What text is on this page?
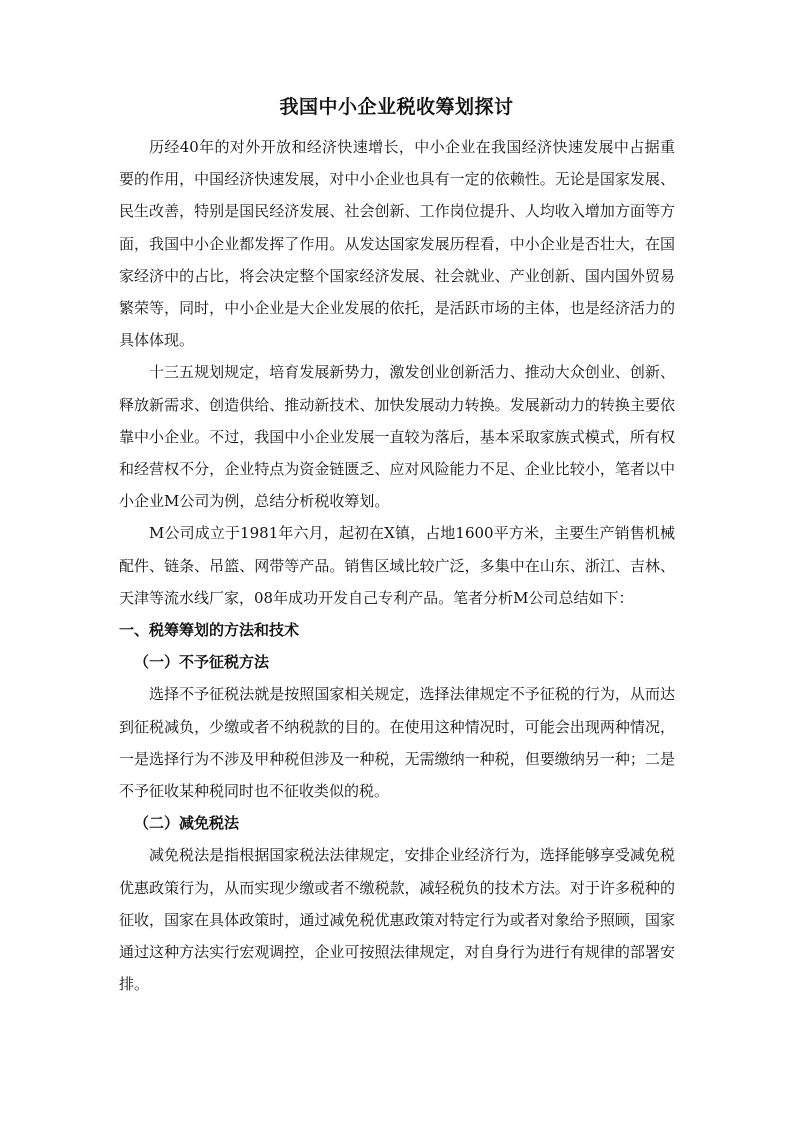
我国中小企业税收筹划探讨

历经40年的对外开放和经济快速增长，中小企业在我国经济快速发展中占据重要的作用，中国经济快速发展，对中小企业也具有一定的依赖性。无论是国家发展、民生改善，特别是国民经济发展、社会创新、工作岗位提升、人均收入增加方面等方面，我国中小企业都发挥了作用。从发达国家发展历程看，中小企业是否壮大，在国家经济中的占比，将会决定整个国家经济发展、社会就业、产业创新、国内国外贸易繁荣等，同时，中小企业是大企业发展的依托，是活跃市场的主体，也是经济活力的具体体现。

十三五规划规定，培育发展新势力，激发创业创新活力、推动大众创业、创新、释放新需求、创造供给、推动新技术、加快发展动力转换。发展新动力的转换主要依靠中小企业。不过，我国中小企业发展一直较为落后，基本采取家族式模式，所有权和经营权不分，企业特点为资金链匮乏、应对风险能力不足、企业比较小，笔者以中小企业M公司为例，总结分析税收筹划。

M公司成立于1981年六月，起初在X镇，占地1600平方米，主要生产销售机械配件、链条、吊篮、网带等产品。销售区域比较广泛，多集中在山东、浙江、吉林、天津等流水线厂家，08年成功开发自己专利产品。笔者分析M公司总结如下：

一、税筹筹划的方法和技术

（一）不予征税方法

选择不予征税法就是按照国家相关规定，选择法律规定不予征税的行为，从而达到征税减负，少缴或者不纳税款的目的。在使用这种情况时，可能会出现两种情况，一是选择行为不涉及甲种税但涉及一种税，无需缴纳一种税，但要缴纳另一种；二是不予征收某种税同时也不征收类似的税。

（二）减免税法

减免税法是指根据国家税法法律规定，安排企业经济行为，选择能够享受减免税优惠政策行为，从而实现少缴或者不缴税款，减轻税负的技术方法。对于许多税种的征收，国家在具体政策时，通过减免税优惠政策对特定行为或者对象给予照顾，国家通过这种方法实行宏观调控，企业可按照法律规定，对自身行为进行有规律的部署安排。
